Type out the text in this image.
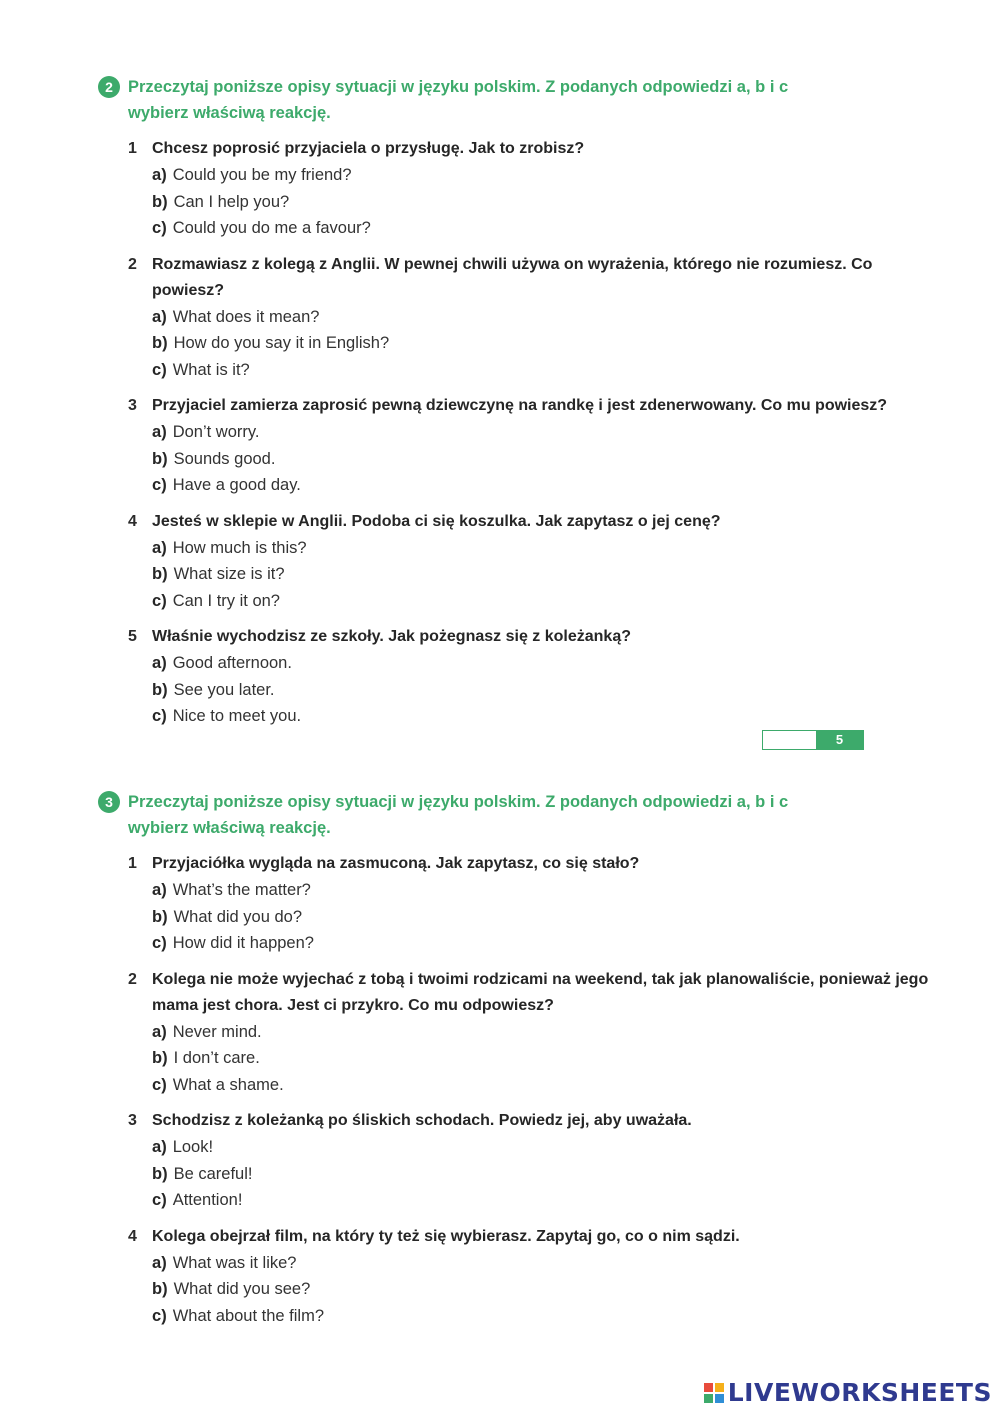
2 Przeczytaj poniższe opisy sytuacji w języku polskim. Z podanych odpowiedzi a, b i c
wybierz właściwą reakcję.

1 Chcesz poprosić przyjaciela o przysługę. Jak to zrobisz?
a ) Could you be my friend?
b ) Can I help you?
c ) Could you do me a favour?
2 Rozmawiasz z kolegą z Anglii. W pewnej chwili używa on wyrażenia, którego nie rozumiesz. Co powiesz?
a ) What does it mean?
b ) How do you say it in English?
c ) What is it?
3 Przyjaciel zamierza zaprosić pewną dziewczynę na randkę i jest zdenerwowany. Co mu powiesz?
a ) Don’t worry.
b ) Sounds good.
c ) Have a good day.
4 Jesteś w sklepie w Anglii. Podoba ci się koszulka. Jak zapytasz o jej cenę?
a ) How much is this?
b ) What size is it?
c ) Can I try it on?
5 Właśnie wychodzisz ze szkoły. Jak pożegnasz się z koleżanką?
a ) Good afternoon.
b ) See you later.
c ) Nice to meet you.
5
3 Przeczytaj poniższe opisy sytuacji w języku polskim. Z podanych odpowiedzi a, b i c
wybierz właściwą reakcję.

1 Przyjaciółka wygląda na zasmuconą. Jak zapytasz, co się stało?
a ) What’s the matter?
b ) What did you do?
c ) How did it happen?
2 Kolega nie może wyjechać z tobą i twoimi rodzicami na weekend, tak jak planowaliście, ponieważ jego mama jest chora. Jest ci przykro. Co mu odpowiesz?
a ) Never mind.
b ) I don’t care.
c ) What a shame.
3 Schodzisz z koleżanką po śliskich schodach. Powiedz jej, aby uważała.
a ) Look!
b ) Be careful!
c ) Attention!
4 Kolega obejrzał film, na który ty też się wybierasz. Zapytaj go, co o nim sądzi.
a ) What was it like?
b ) What did you see?
c ) What about the film?
LIVEWORKSHEETS
